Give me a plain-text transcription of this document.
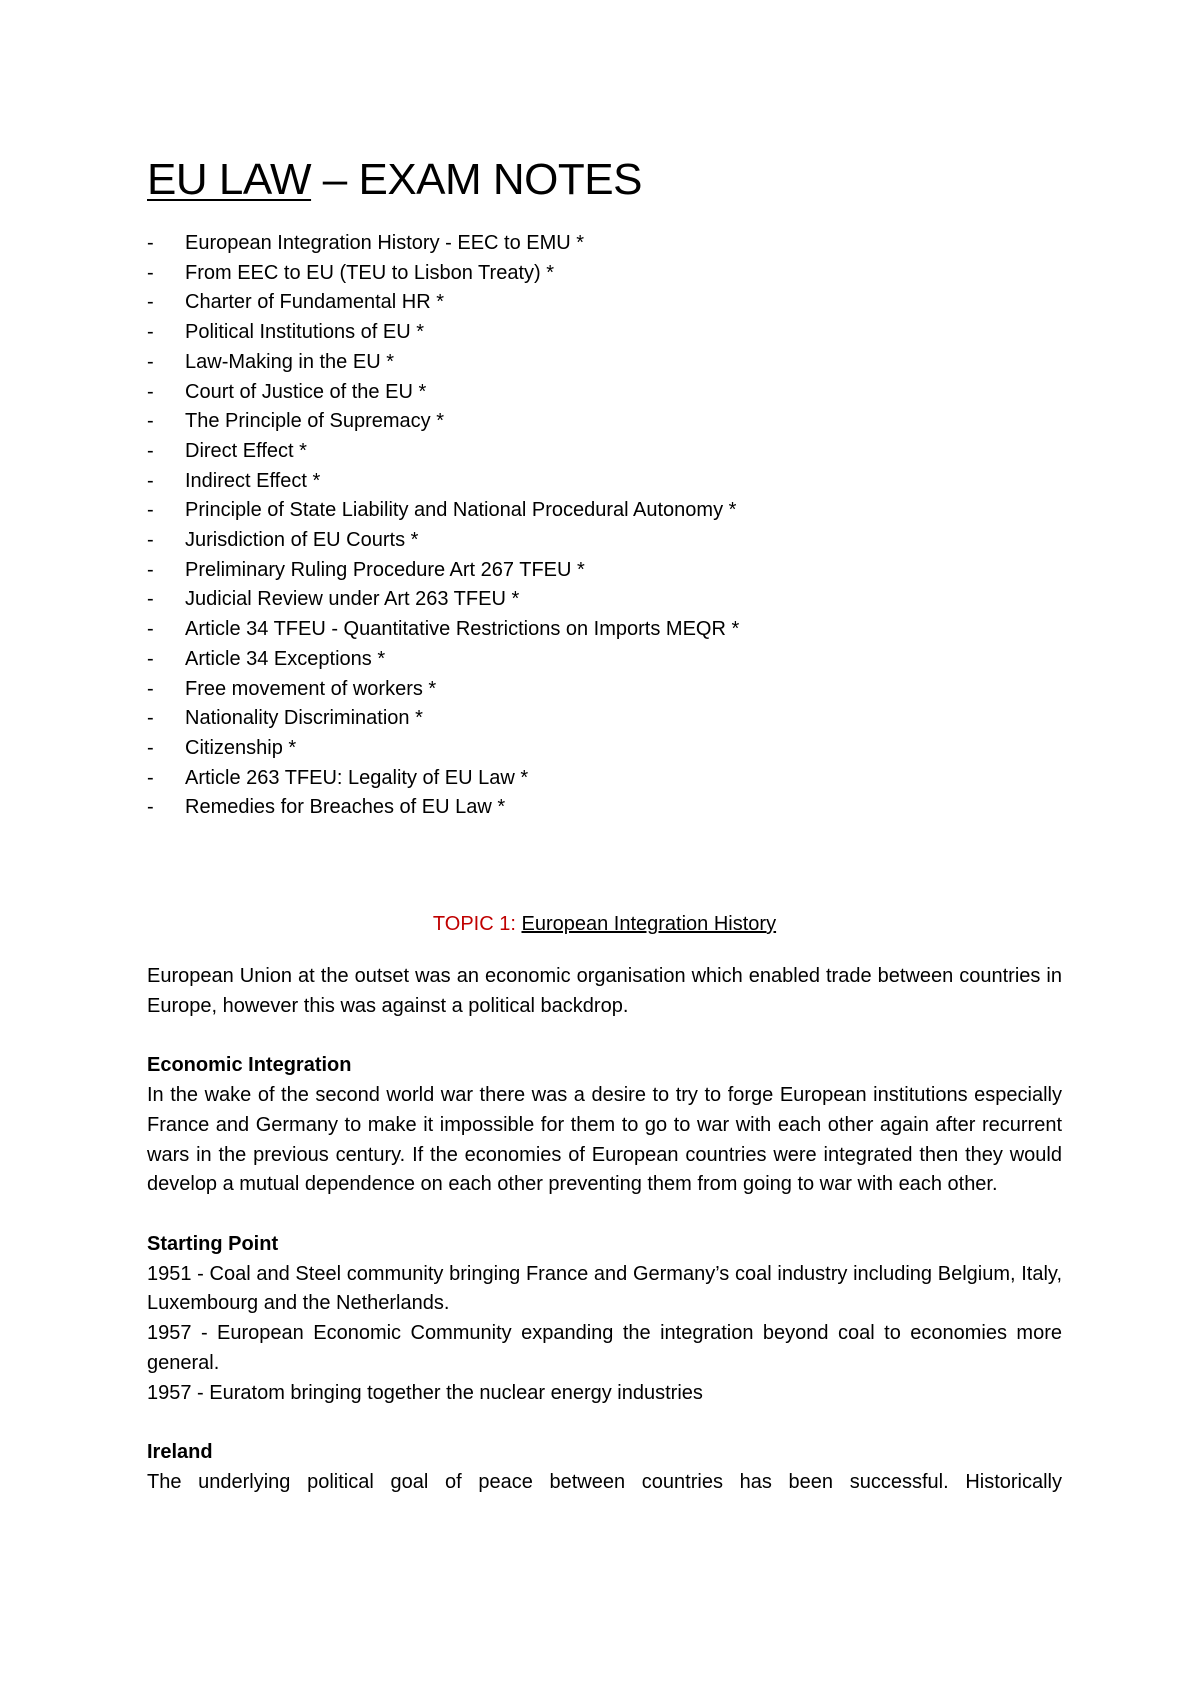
EU LAW – EXAM NOTES
- European Integration History - EEC to EMU *
- From EEC to EU (TEU to Lisbon Treaty) *
- Charter of Fundamental HR *
- Political Institutions of EU *
- Law-Making in the EU *
- Court of Justice of the EU *
- The Principle of Supremacy *
- Direct Effect *
- Indirect Effect *
- Principle of State Liability and National Procedural Autonomy *
- Jurisdiction of EU Courts *
- Preliminary Ruling Procedure Art 267 TFEU *
- Judicial Review under Art 263 TFEU *
- Article 34 TFEU - Quantitative Restrictions on Imports MEQR *
- Article 34 Exceptions *
- Free movement of workers *
- Nationality Discrimination *
- Citizenship *
- Article 263 TFEU: Legality of EU Law *
- Remedies for Breaches of EU Law *
TOPIC 1: European Integration History

European Union at the outset was an economic organisation which enabled trade between countries in Europe, however this was against a political backdrop.

Economic Integration

In the wake of the second world war there was a desire to try to forge European institutions especially France and Germany to make it impossible for them to go to war with each other again after recurrent wars in the previous century. If the economies of European countries were integrated then they would develop a mutual dependence on each other preventing them from going to war with each other.

Starting Point
1951 - Coal and Steel community bringing France and Germany’s coal industry including Belgium, Italy, Luxembourg and the Netherlands.
1957 - European Economic Community expanding the integration beyond coal to economies more general.
1957 - Euratom bringing together the nuclear energy industries
Ireland
The underlying political goal of peace between countries has been successful. Historically
